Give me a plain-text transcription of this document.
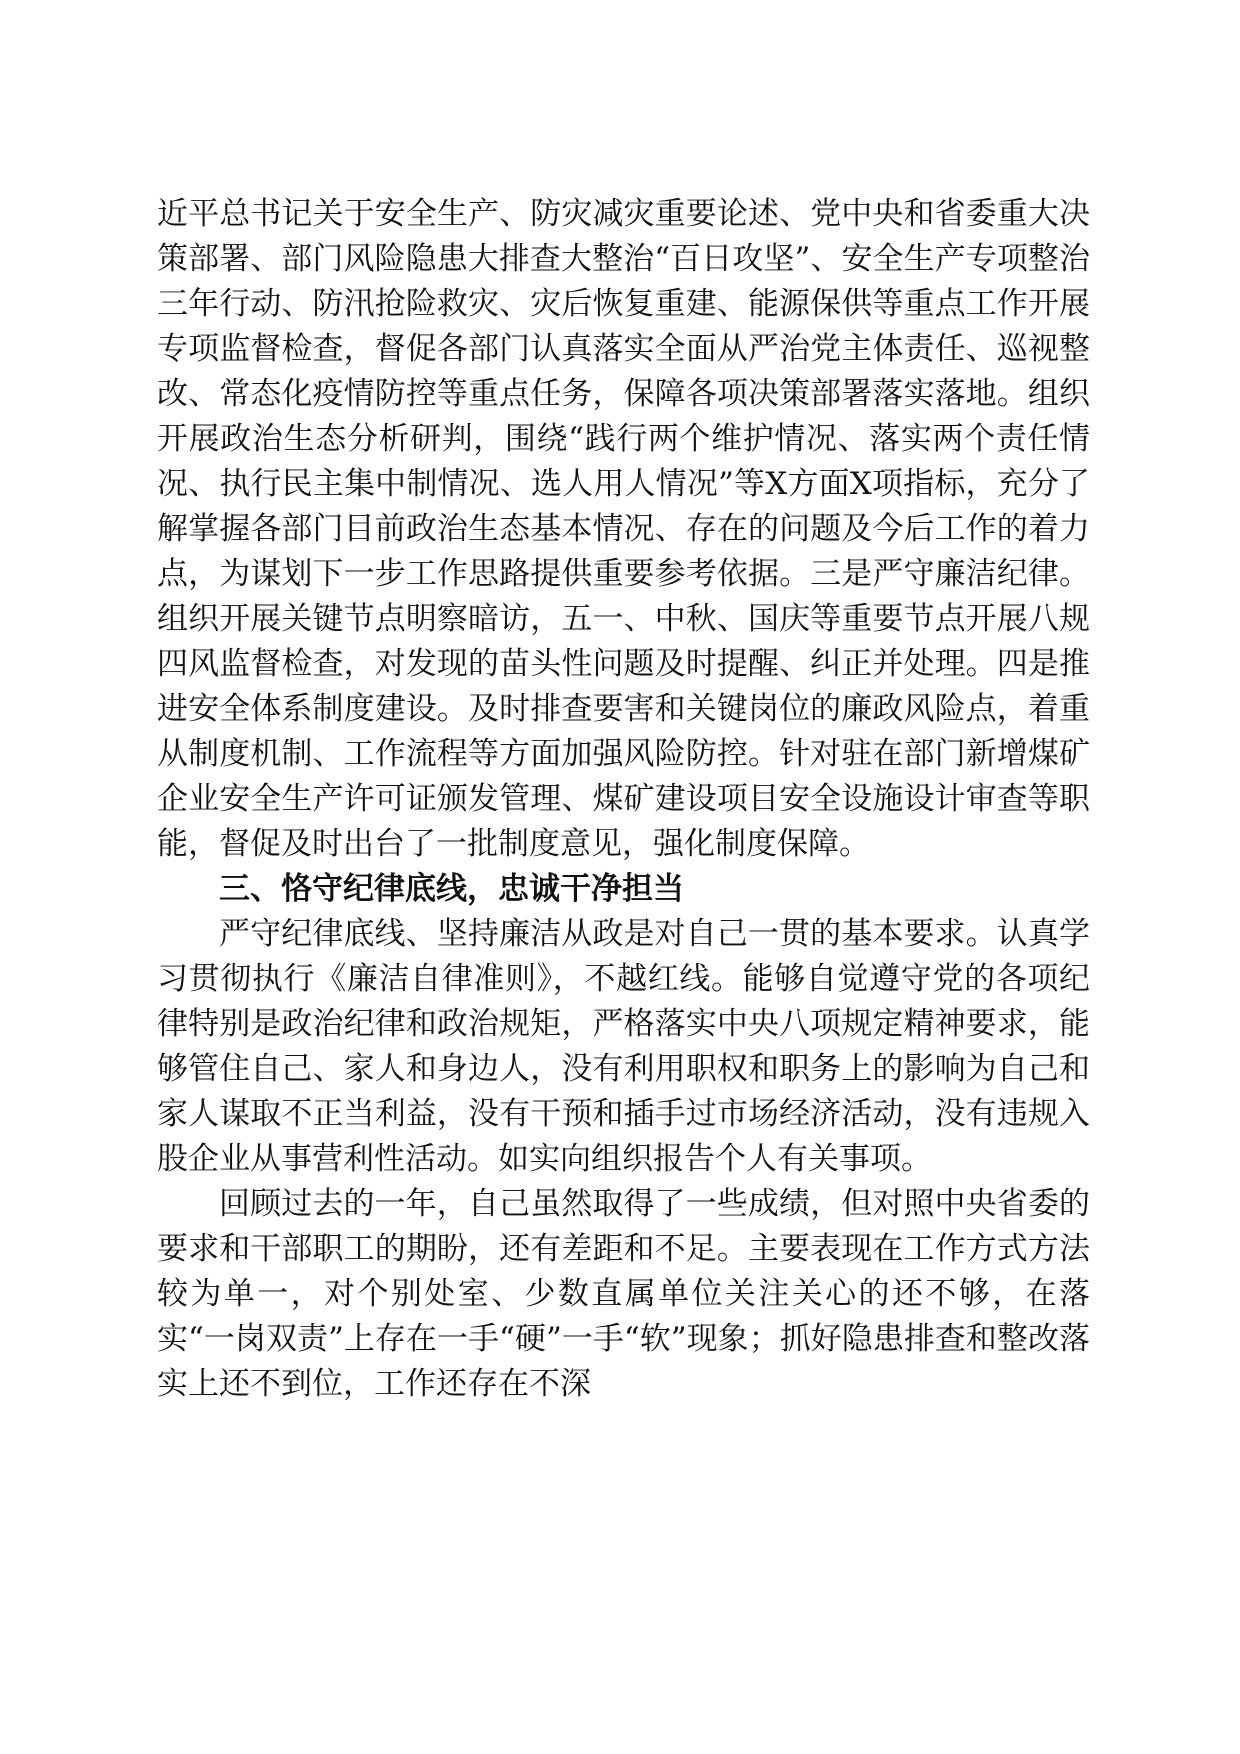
近平总书记关于安全生产、防灾减灾重要论述、党中央和省委重大决策部署、部门风险隐患大排查大整治“百日攻坚”、安全生产专项整治三年行动、防汛抢险救灾、灾后恢复重建、能源保供等重点工作开展专项监督检查，督促各部门认真落实全面从严治党主体责任、巡视整改、常态化疫情防控等重点任务，保障各项决策部署落实落地。组织开展政治生态分析研判，围绕“践行两个维护情况、落实两个责任情况、执行民主集中制情况、选人用人情况”等X方面X项指标，充分了解掌握各部门目前政治生态基本情况、存在的问题及今后工作的着力点，为谋划下一步工作思路提供重要参考依据。三是严守廉洁纪律。组织开展关键节点明察暗访，五一、中秋、国庆等重要节点开展八规四风监督检查，对发现的苗头性问题及时提醒、纠正并处理。四是推进安全体系制度建设。及时排查要害和关键岗位的廉政风险点，着重从制度机制、工作流程等方面加强风险防控。针对驻在部门新增煤矿企业安全生产许可证颁发管理、煤矿建设项目安全设施设计审查等职能，督促及时出台了一批制度意见，强化制度保障。

三、恪守纪律底线，忠诚干净担当

严守纪律底线、坚持廉洁从政是对自己一贯的基本要求。认真学习贯彻执行《廉洁自律准则》，不越红线。能够自觉遵守党的各项纪律特别是政治纪律和政治规矩，严格落实中央八项规定精神要求，能够管住自己、家人和身边人，没有利用职权和职务上的影响为自己和家人谋取不正当利益，没有干预和插手过市场经济活动，没有违规入股企业从事营利性活动。如实向组织报告个人有关事项。

回顾过去的一年，自己虽然取得了一些成绩，但对照中央省委的要求和干部职工的期盼，还有差距和不足。主要表现在工作方式方法较为单一，对个别处室、少数直属单位关注关心的还不够，在落实“一岗双责”上存在一手“硬”一手“软”现象；抓好隐患排查和整改落实上还不到位，工作还存在不深
